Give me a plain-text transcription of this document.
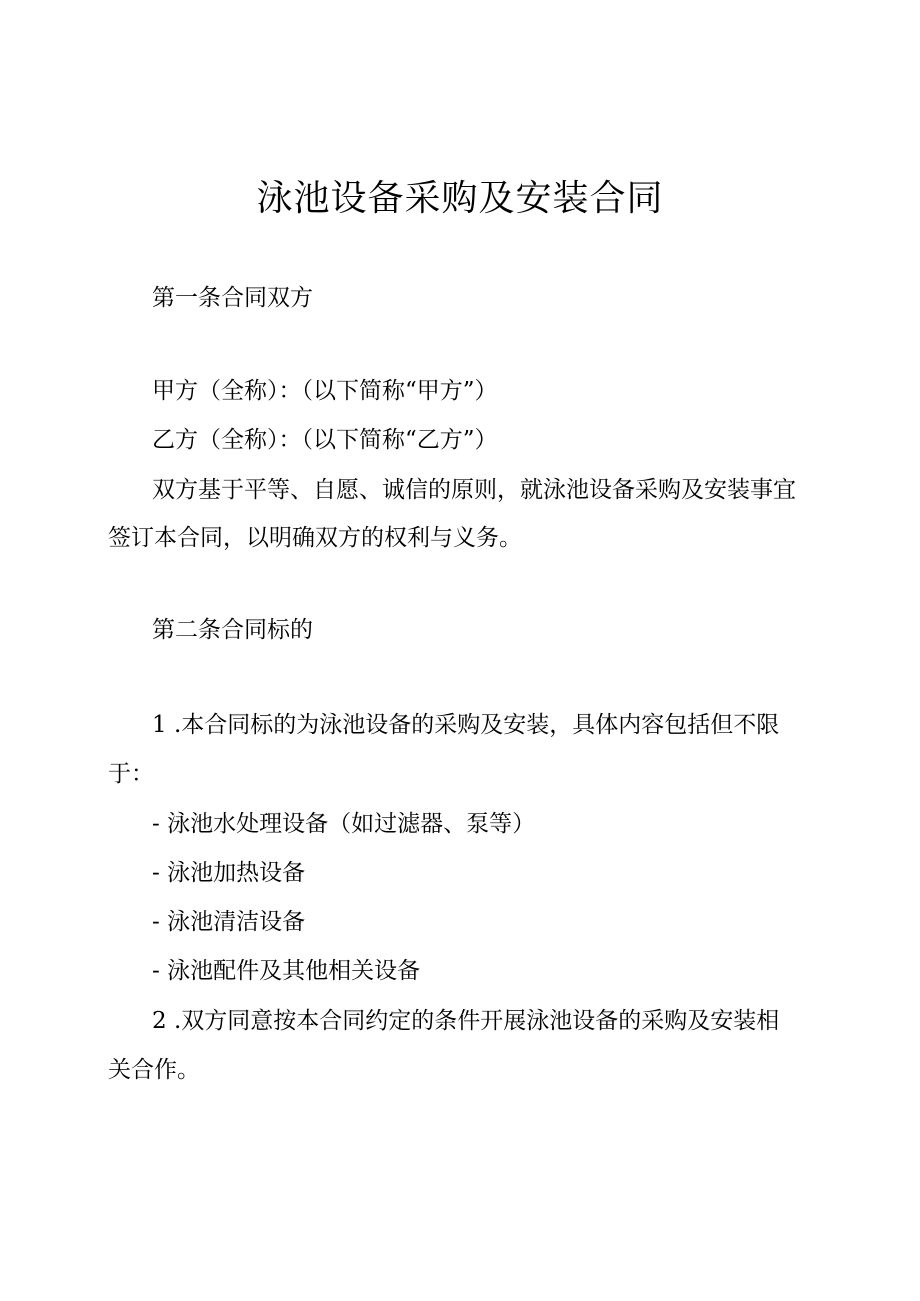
泳池设备采购及安装合同
第一条合同双方
甲方（全称）：（以下简称“甲方”）
乙方（全称）：（以下简称“乙方”）
双方基于平等、自愿、诚信的原则，就泳池设备采购及安装事宜
签订本合同，以明确双方的权利与义务。
第二条合同标的
1 .本合同标的为泳池设备的采购及安装，具体内容包括但不限
于：
- 泳池水处理设备（如过滤器、泵等）
- 泳池加热设备
- 泳池清洁设备
- 泳池配件及其他相关设备
2 .双方同意按本合同约定的条件开展泳池设备的采购及安装相
关合作。
